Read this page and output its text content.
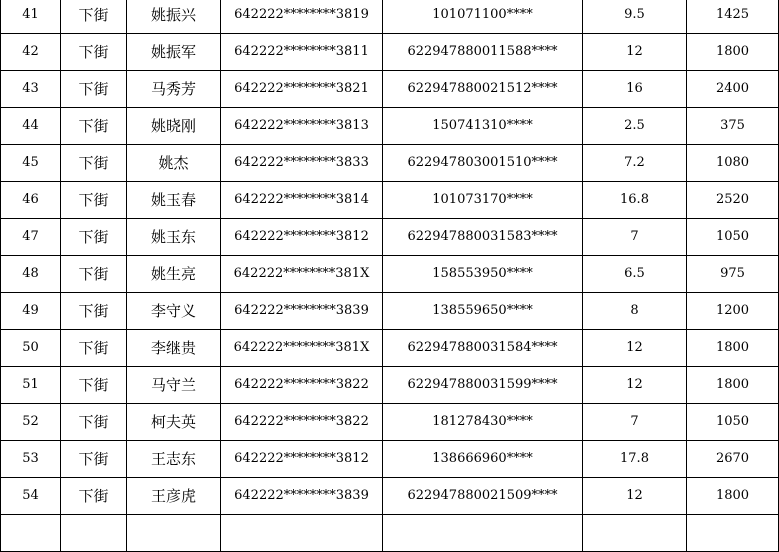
41	下街	姚振兴	642222********3819	101071100****	9.5	1425
42	下街	姚振军	642222********3811	622947880011588****	12	1800
43	下街	马秀芳	642222********3821	622947880021512****	16	2400
44	下街	姚晓刚	642222********3813	150741310****	2.5	375
45	下街	姚杰	642222********3833	622947803001510****	7.2	1080
46	下街	姚玉春	642222********3814	101073170****	16.8	2520
47	下街	姚玉东	642222********3812	622947880031583****	7	1050
48	下街	姚生亮	642222********381X	158553950****	6.5	975
49	下街	李守义	642222********3839	138559650****	8	1200
50	下街	李继贵	642222********381X	622947880031584****	12	1800
51	下街	马守兰	642222********3822	622947880031599****	12	1800
52	下街	柯夫英	642222********3822	181278430****	7	1050
53	下街	王志东	642222********3812	138666960****	17.8	2670
54	下街	王彦虎	642222********3839	622947880021509****	12	1800
